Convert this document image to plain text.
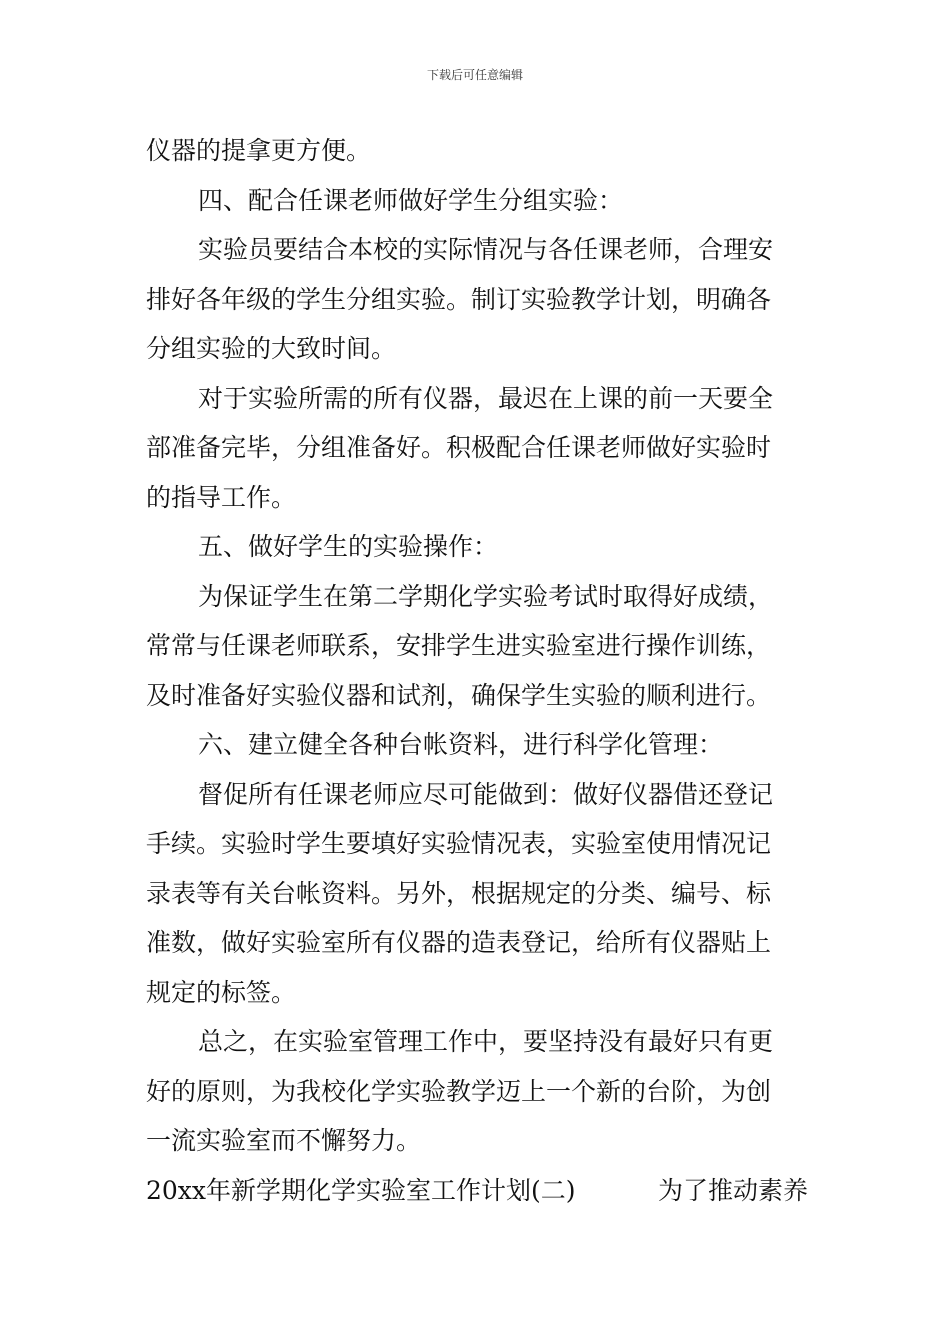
下载后可任意编辑
仪器的提拿更方便。
四、配合任课老师做好学生分组实验：
实验员要结合本校的实际情况与各任课老师，合理安
排好各年级的学生分组实验。制订实验教学计划，明确各
分组实验的大致时间。
对于实验所需的所有仪器，最迟在上课的前一天要全
部准备完毕，分组准备好。积极配合任课老师做好实验时
的指导工作。
五、做好学生的实验操作：
为保证学生在第二学期化学实验考试时取得好成绩，
常常与任课老师联系，安排学生进实验室进行操作训练，
及时准备好实验仪器和试剂，确保学生实验的顺利进行。
六、建立健全各种台帐资料，进行科学化管理：
督促所有任课老师应尽可能做到：做好仪器借还登记
手续。实验时学生要填好实验情况表，实验室使用情况记
录表等有关台帐资料。另外，根据规定的分类、编号、标
准数，做好实验室所有仪器的造表登记，给所有仪器贴上
规定的标签。
总之，在实验室管理工作中，要坚持没有最好只有更
好的原则，为我校化学实验教学迈上一个新的台阶，为创
一流实验室而不懈努力。
20xx年新学期化学实验室工作计划(二)	为了推动素养
